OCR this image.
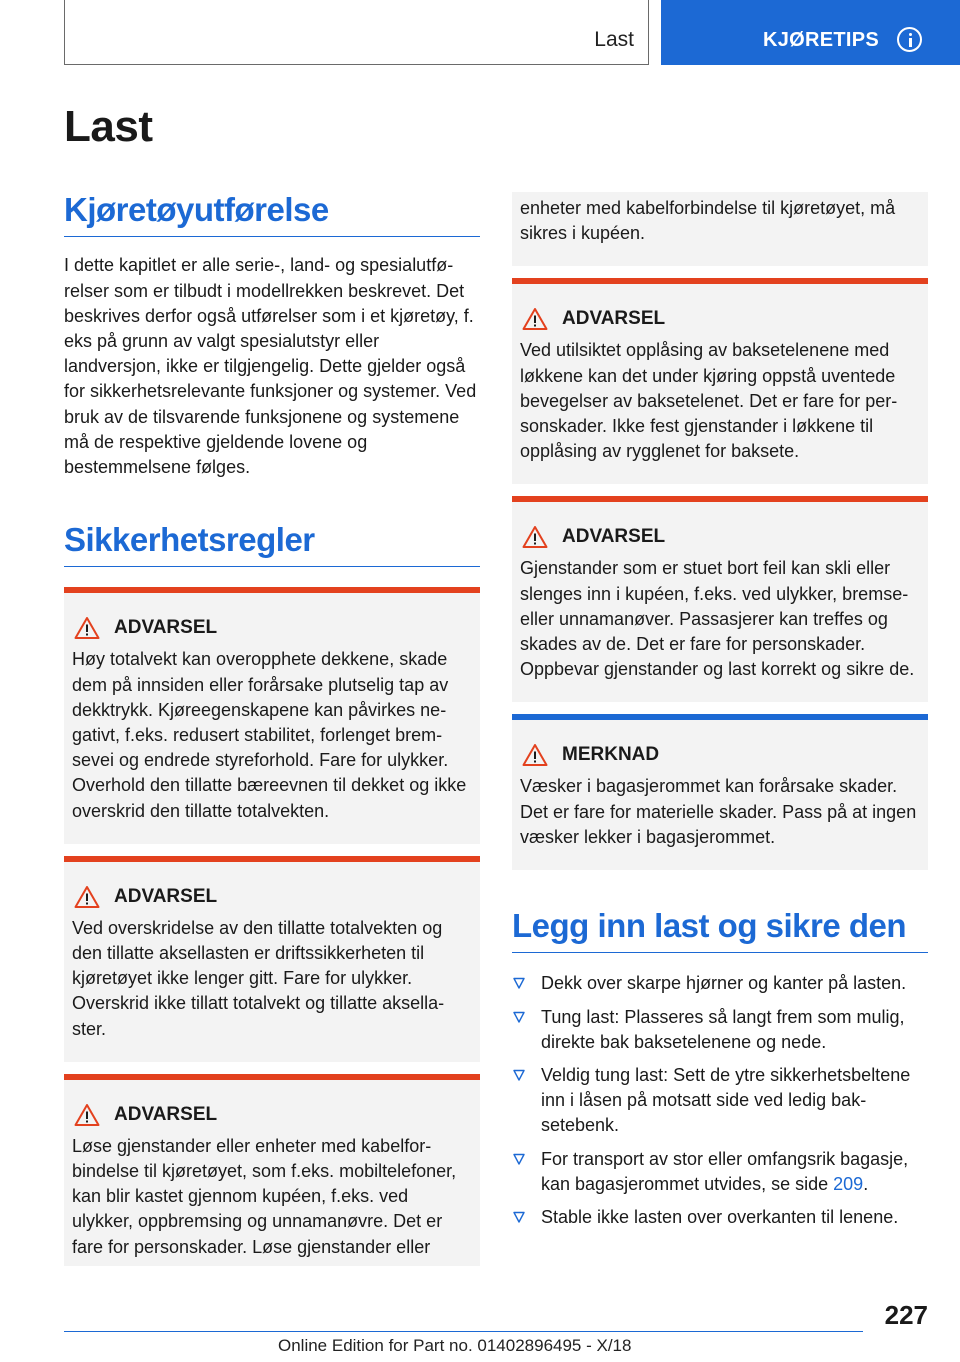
Last	KJØRETIPS
Last
Kjøretøyutførelse

I dette kapitlet er alle serie-, land- og spesialutførelser som er tilbudt i modellrekken beskrevet. Det beskrives derfor også utførelser som i et kjøretøy, f. eks på grunn av valgt spesialutstyr eller landversjon, ikke er tilgjengelig. Dette gjelder også for sikkerhetsrelevante funksjoner og systemer. Ved bruk av de tilsvarende funksjonene og systemene må de respektive gjeldende lovene og bestemmelsene følges.

Sikkerhetsregler
ADVARSEL

Høy totalvekt kan overopphete dekkene, skade dem på innsiden eller forårsake plutselig tap av dekktrykk. Kjøreegenskapene kan påvirkes negativt, f.eks. redusert stabilitet, forlenget bremsevei og endrede styreforhold. Fare for ulykker. Overhold den tillatte bæreevnen til dekket og ikke overskrid den tillatte totalvekten.

ADVARSEL

Ved overskridelse av den tillatte totalvekten og den tillatte aksellasten er driftssikkerheten til kjøretøyet ikke lenger gitt. Fare for ulykker. Overskrid ikke tillatt totalvekt og tillatte aksellaster.

ADVARSEL

Løse gjenstander eller enheter med kabelforbindelse til kjøretøyet, som f.eks. mobiltelefoner, kan blir kastet gjennom kupéen, f.eks. ved ulykker, oppbremsing og unnamanøvre. Det er fare for personskader. Løse gjenstander eller

enheter med kabelforbindelse til kjøretøyet, må sikres i kupéen.

ADVARSEL

Ved utilsiktet opplåsing av baksetelenene med løkkene kan det under kjøring oppstå uventede bevegelser av baksetelenet. Det er fare for personskader. Ikke fest gjenstander i løkkene til opplåsing av rygglenet for baksete.

ADVARSEL

Gjenstander som er stuet bort feil kan skli eller slenges inn i kupéen, f.eks. ved ulykker, bremse- eller unnamanøver. Passasjerer kan treffes og skades av de. Det er fare for personskader. Oppbevar gjenstander og last korrekt og sikre de.

MERKNAD

Væsker i bagasjerommet kan forårsake skader. Det er fare for materielle skader. Pass på at ingen væsker lekker i bagasjerommet.

Legg inn last og sikre den
Dekk over skarpe hjørner og kanter på lasten.
Tung last: Plasseres så langt frem som mulig, direkte bak baksetelenene og nede.
Veldig tung last: Sett de ytre sikkerhetsbeltene inn i låsen på motsatt side ved ledig baksetebenk.
For transport av stor eller omfangsrik bagasje, kan bagasjerommet utvides, se side 209.
Stable ikke lasten over overkanten til lenene.
227
Online Edition for Part no. 01402896495 - X/18
